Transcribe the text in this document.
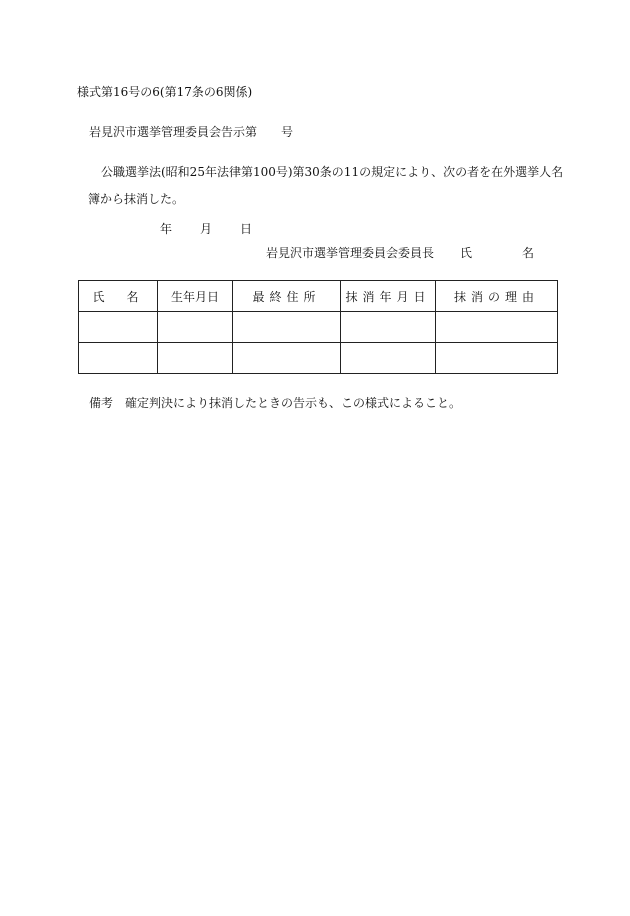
様式第16号の6(第17条の6関係)
岩見沢市選挙管理委員会告示第　　号
公職選挙法(昭和25年法律第100号)第30条の11の規定により、次の者を在外選挙人名
簿から抹消した。
年 月 日
岩見沢市選挙管理委員会委員長 氏	名
氏　名	生年月日	最終住所	抹消年月日	抹消の理由

備考 確定判決により抹消したときの告示も、この様式によること。
